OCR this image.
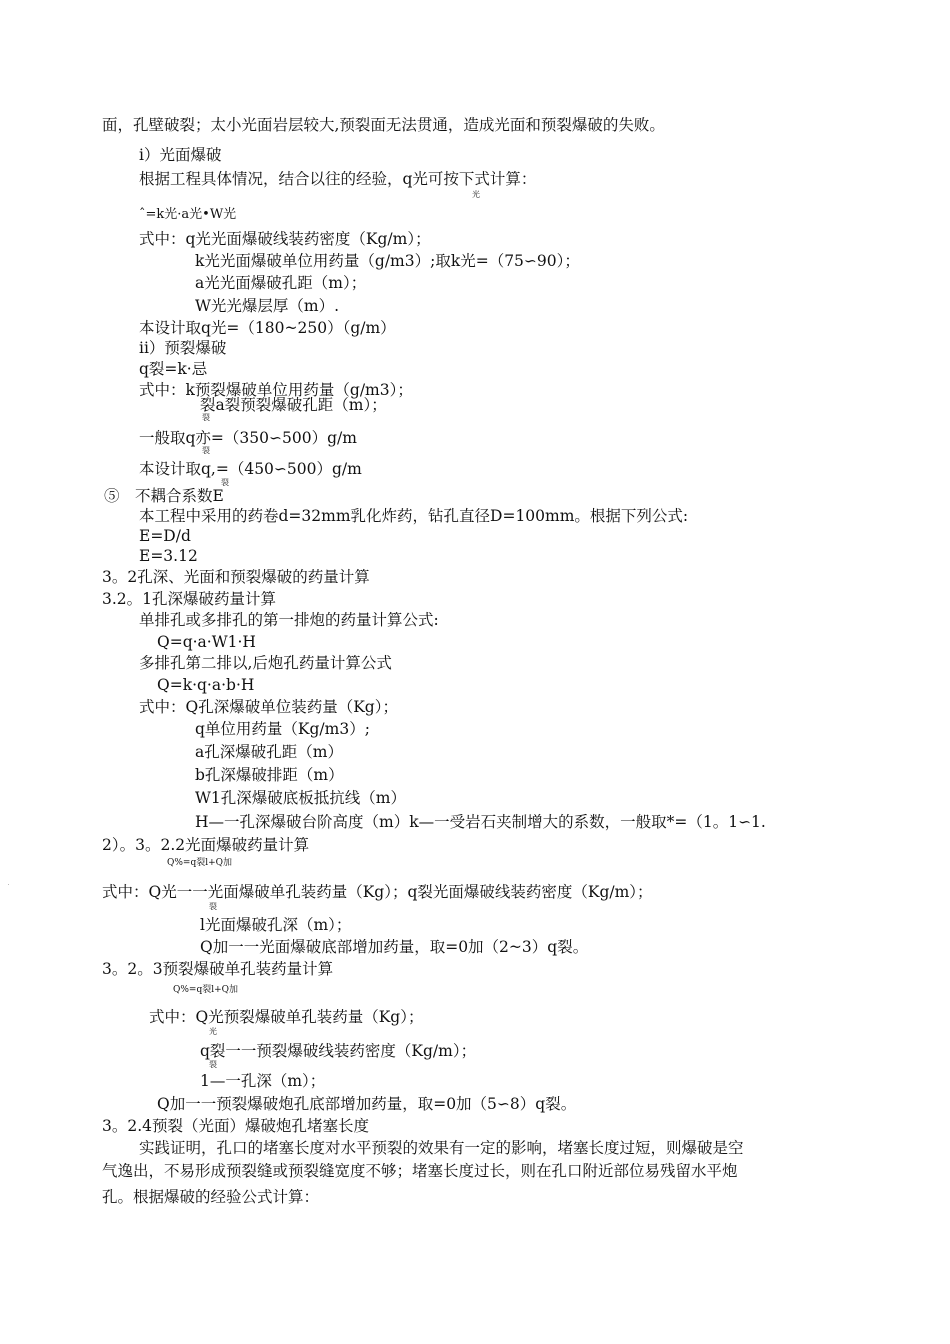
面，孔壁破裂；太小光面岩层较大,预裂面无法贯通，造成光面和预裂爆破的失败。
i）光面爆破
根据工程具体情况，结合以往的经验，q光可按下式计算：
光
ˆ=k光·a光•W光
式中：q光光面爆破线装药密度（Kg/m）；
k光光面爆破单位用药量（g/m3）;取k光=（75∽90）；
a光光面爆破孔距（m）；
W光光爆层厚（m）.
本设计取q光=（180~250）（g/m）
ii）预裂爆破
q裂=k·忌
式中：k预裂爆破单位用药量（g/m3）；
裂a裂预裂爆破孔距（m）；
裂
一般取q亦=（350∽500）g/m
裂
本设计取q,=（450∽500）g/m
裂
⑤　不耦合系数E
本工程中采用的药卷d=32mm乳化炸药，钻孔直径D=100mm。根据下列公式:
E=D/d
E=3.12
3。2孔深、光面和预裂爆破的药量计算
3.2。1孔深爆破药量计算
单排孔或多排孔的第一排炮的药量计算公式:
Q=q·a·W1·H
多排孔第二排以,后炮孔药量计算公式
Q=k·q·a·b·H
式中：Q孔深爆破单位装药量（Kg）；
q单位用药量（Kg/m3）;
a孔深爆破孔距（m）
b孔深爆破排距（m）
W1孔深爆破底板抵抗线（m）
H—一孔深爆破台阶高度（m）k—一受岩石夹制增大的系数，一般取*=（1。1∽1.
2）。3。2.2光面爆破药量计算
Q%=q裂l+Q加
式中：Q光一一光面爆破单孔装药量（Kg）；q裂光面爆破线装药密度（Kg/m）；
裂
l光面爆破孔深（m）；
Q加一一光面爆破底部增加药量，取=0加（2~3）q裂。
3。2。3预裂爆破单孔装药量计算
Q%=q裂l+Q加
式中：Q光预裂爆破单孔装药量（Kg）；
光
q裂一一预裂爆破线装药密度（Kg/m）；
裂
1—一孔深（m）；
Q加一一预裂爆破炮孔底部增加药量，取=0加（5∽8）q裂。
3。2.4预裂（光面）爆破炮孔堵塞长度
实践证明，孔口的堵塞长度对水平预裂的效果有一定的影响，堵塞长度过短，则爆破是空
气逸出，不易形成预裂缝或预裂缝宽度不够；堵塞长度过长，则在孔口附近部位易残留水平炮
孔。根据爆破的经验公式计算：
